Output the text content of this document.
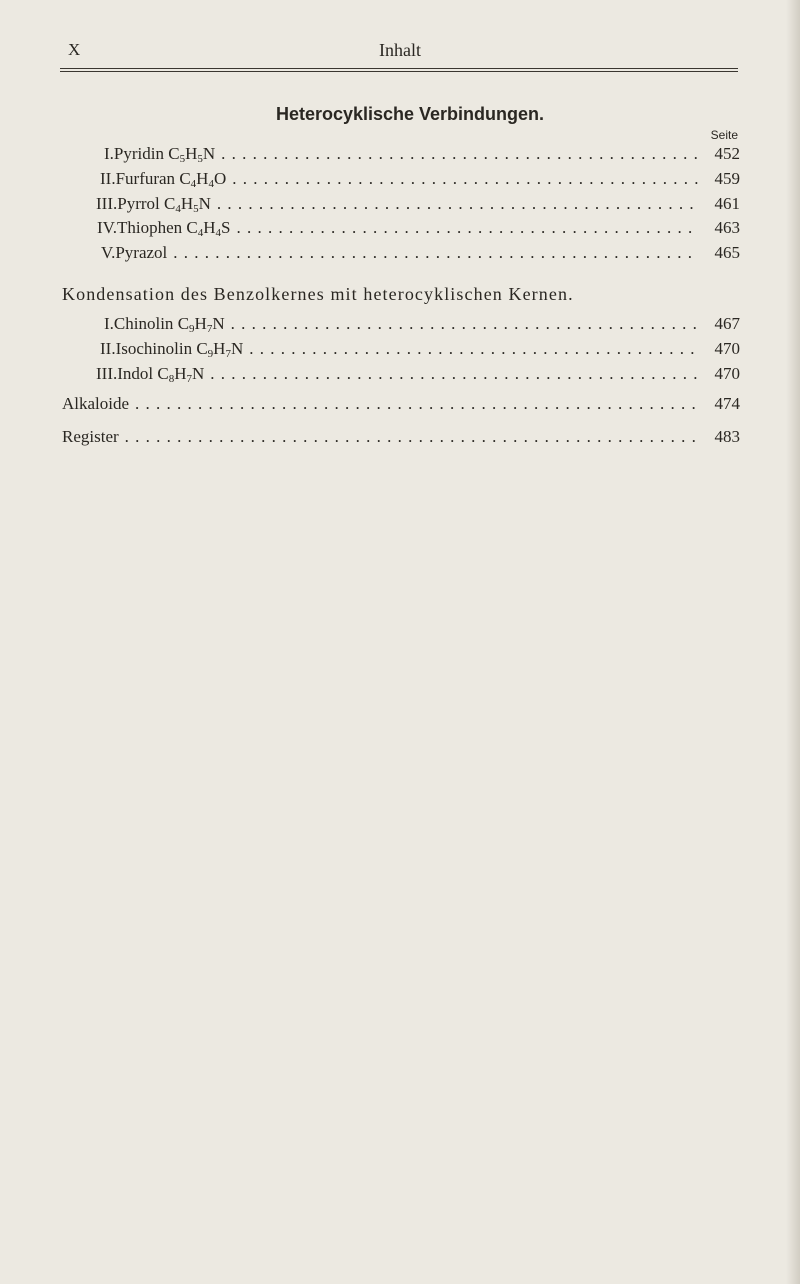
X	Inhalt
Heterocyklische Verbindungen.
Seite
I. Pyridin $C_5H_5N$ . . .	452
II. Furfuran $C_4H_4O$ . . .	459
III. Pyrrol $C_4H_5N$ . . .	461
IV. Thiophen $C_4H_4S$ . . .	463
V. Pyrazol . . .	465
Kondensation des Benzolkernes mit heterocyklischen Kernen.
I. Chinolin $C_9H_7N$ . . .	467
II. Isochinolin $C_9H_7N$ . . .	470
III. Indol $C_8H_7N$ . . .	470
Alkaloide . . .	474
Register . . .	483
